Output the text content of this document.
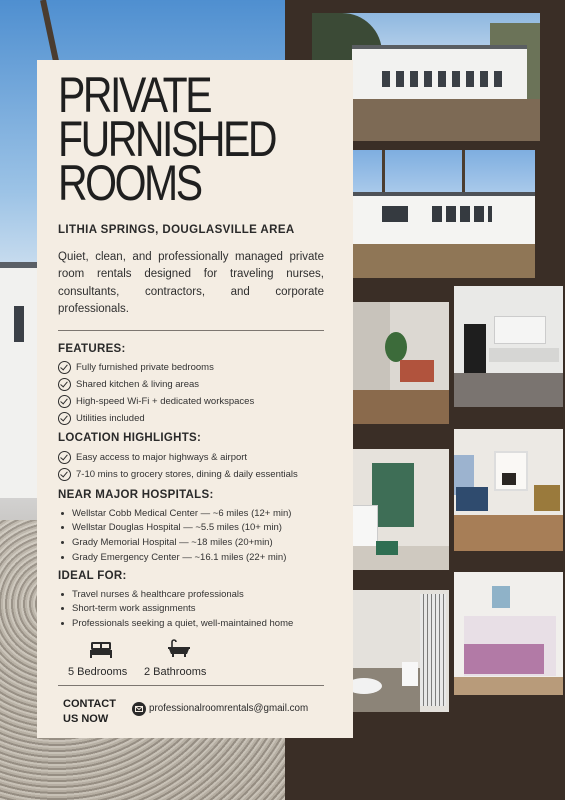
PRIVATE
FURNISHED
ROOMS
LITHIA SPRINGS, DOUGLASVILLE AREA
Quiet, clean, and professionally managed private room rentals designed for traveling nurses, consultants, contractors, and corporate professionals.
FEATURES:
Fully furnished private bedrooms
Shared kitchen & living areas
High-speed Wi-Fi + dedicated workspaces
Utilities included
LOCATION HIGHLIGHTS:
Easy access to major highways & airport
7-10 mins to grocery stores, dining & daily essentials
NEAR MAJOR HOSPITALS:
Wellstar Cobb Medical Center — ~6 miles (12+ min)
Wellstar Douglas Hospital — ~5.5 miles (10+ min)
Grady Memorial Hospital — ~18 miles (20+min)
Grady Emergency Center — ~16.1 miles (22+ min)
IDEAL FOR:
Travel nurses & healthcare professionals
Short-term work assignments
Professionals seeking a quiet, well-maintained home
5 Bedrooms 2 Bathrooms
CONTACT US NOW
professionalroomrentals@gmail.com
